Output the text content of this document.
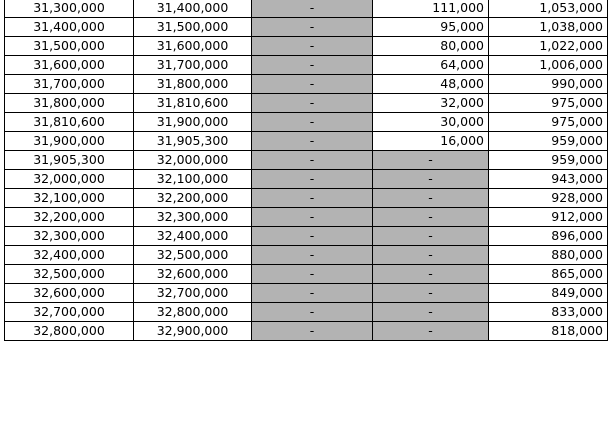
31,300,000	31,400,000	-	111,000	1,053,000
31,400,000	31,500,000	-	95,000	1,038,000
31,500,000	31,600,000	-	80,000	1,022,000
31,600,000	31,700,000	-	64,000	1,006,000
31,700,000	31,800,000	-	48,000	990,000
31,800,000	31,810,600	-	32,000	975,000
31,810,600	31,900,000	-	30,000	975,000
31,900,000	31,905,300	-	16,000	959,000
31,905,300	32,000,000	-	-	959,000
32,000,000	32,100,000	-	-	943,000
32,100,000	32,200,000	-	-	928,000
32,200,000	32,300,000	-	-	912,000
32,300,000	32,400,000	-	-	896,000
32,400,000	32,500,000	-	-	880,000
32,500,000	32,600,000	-	-	865,000
32,600,000	32,700,000	-	-	849,000
32,700,000	32,800,000	-	-	833,000
32,800,000	32,900,000	-	-	818,000
